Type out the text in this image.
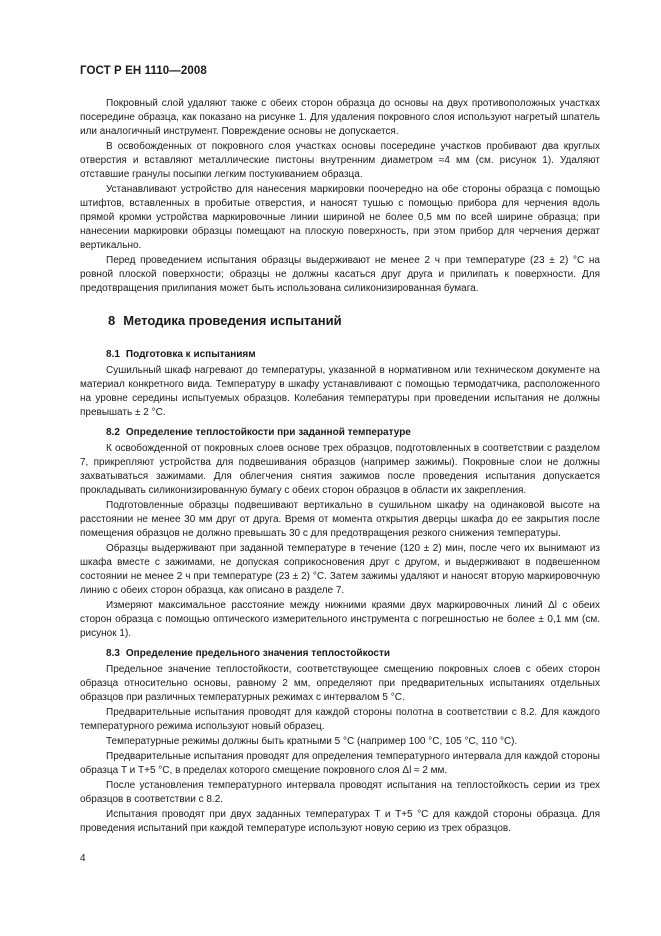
ГОСТ Р ЕН 1110—2008

Покровный слой удаляют также с обеих сторон образца до основы на двух противоположных участках посередине образца, как показано на рисунке 1. Для удаления покровного слоя используют нагретый шпатель или аналогичный инструмент. Повреждение основы не допускается.

В освобожденных от покровного слоя участках основы посередине участков пробивают два круглых отверстия и вставляют металлические пистоны внутренним диаметром ≈4 мм (см. рисунок 1). Удаляют отставшие гранулы посыпки легким постукиванием образца.

Устанавливают устройство для нанесения маркировки поочередно на обе стороны образца с помощью штифтов, вставленных в пробитые отверстия, и наносят тушью с помощью прибора для черчения вдоль прямой кромки устройства маркировочные линии шириной не более 0,5 мм по всей ширине образца; при нанесении маркировки образцы помещают на плоскую поверхность, при этом прибор для черчения держат вертикально.

Перед проведением испытания образцы выдерживают не менее 2 ч при температуре (23 ± 2) °С на ровной плоской поверхности; образцы не должны касаться друг друга и прилипать к поверхности. Для предотвращения прилипания может быть использована силиконизированная бумага.

8 Методика проведения испытаний
8.1 Подготовка к испытаниям

Сушильный шкаф нагревают до температуры, указанной в нормативном или техническом документе на материал конкретного вида. Температуру в шкафу устанавливают с помощью термодатчика, расположенного на уровне середины испытуемых образцов. Колебания температуры при проведении испытания не должны превышать ± 2 °С.

8.2 Определение теплостойкости при заданной температуре

К освобожденной от покровных слоев основе трех образцов, подготовленных в соответствии с разделом 7, прикрепляют устройства для подвешивания образцов (например зажимы). Покровные слои не должны захватываться зажимами. Для облегчения снятия зажимов после проведения испытания допускается прокладывать силиконизированную бумагу с обеих сторон образцов в области их закрепления.

Подготовленные образцы подвешивают вертикально в сушильном шкафу на одинаковой высоте на расстоянии не менее 30 мм друг от друга. Время от момента открытия дверцы шкафа до ее закрытия после помещения образцов не должно превышать 30 с для предотвращения резкого снижения температуры.

Образцы выдерживают при заданной температуре в течение (120 ± 2) мин, после чего их вынимают из шкафа вместе с зажимами, не допуская соприкосновения друг с другом, и выдерживают в подвешенном состоянии не менее 2 ч при температуре (23 ± 2) °С. Затем зажимы удаляют и наносят вторую маркировочную линию с обеих сторон образца, как описано в разделе 7.

Измеряют максимальное расстояние между нижними краями двух маркировочных линий Δl с обеих сторон образца с помощью оптического измерительного инструмента с погрешностью не более ± 0,1 мм (см. рисунок 1).

8.3 Определение предельного значения теплостойкости

Предельное значение теплостойкости, соответствующее смещению покровных слоев с обеих сторон образца относительно основы, равному 2 мм, определяют при предварительных испытаниях отдельных образцов при различных температурных режимах с интервалом 5 °С.

Предварительные испытания проводят для каждой стороны полотна в соответствии с 8.2. Для каждого температурного режима используют новый образец.

Температурные режимы должны быть кратными 5 °С (например 100 °С, 105 °С, 110 °С).

Предварительные испытания проводят для определения температурного интервала для каждой стороны образца T и T+5 °С, в пределах которого смещение покровного слоя Δl ≈ 2 мм.

После установления температурного интервала проводят испытания на теплостойкость серии из трех образцов в соответствии с 8.2.

Испытания проводят при двух заданных температурах T и T+5 °С для каждой стороны образца. Для проведения испытаний при каждой температуре используют новую серию из трех образцов.

4
